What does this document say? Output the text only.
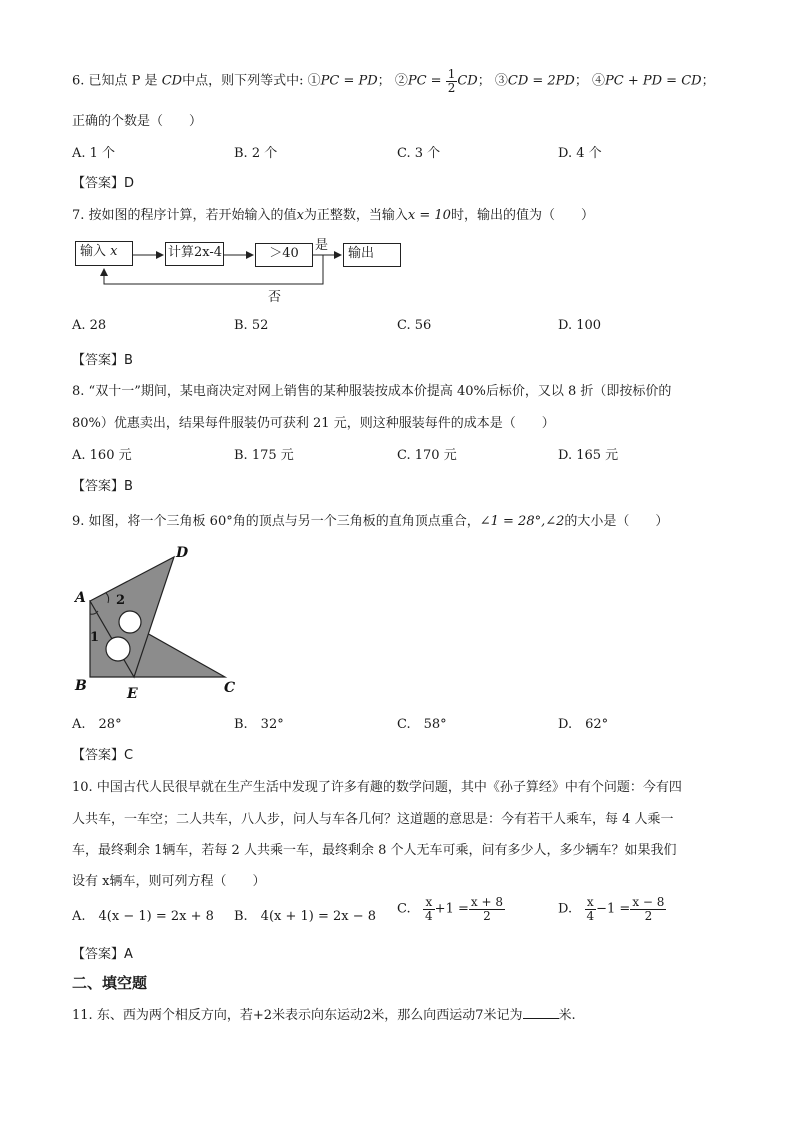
6. 已知点 P 是 CD中点，则下列等式中: ①PC = PD； ②PC = $\frac{1}{2}$ CD； ③CD = 2PD； ④PC + PD = CD；
正确的个数是（　　）
A. 1 个	B. 2 个	C. 3 个	D. 4 个
【答案】D
7. 按如图的程序计算，若开始输入的值x为正整数，当输入x = 10时，输出的值为（　　）
输入 x	计算2x-4	＞40	输出
是
否
A. 28	B. 52	C. 56	D. 100
【答案】B
8. “双十一”期间，某电商决定对网上销售的某种服装按成本价提高 40%后标价，又以 8 折（即按标价的
80%）优惠卖出，结果每件服装仍可获利 21 元，则这种服装每件的成本是（　　）
A. 160 元	B. 175 元	C. 170 元	D. 165 元
【答案】B
9. 如图，将一个三角板 60°角的顶点与另一个三角板的直角顶点重合，∠1 = 28°,∠2的大小是（　　）
A
B	C
D
E
1
2
A.　28°	B.　32°	C.　58°	D.　62°
【答案】C
10. 中国古代人民很早就在生产生活中发现了许多有趣的数学问题，其中《孙子算经》中有个问题：今有四
人共车，一车空；二人共车，八人步，问人与车各几何？这道题的意思是：今有若干人乘车，每 4 人乘一
车，最终剩余 1辆车，若每 2 人共乘一车，最终剩余 8 个人无车可乘，问有多少人，多少辆车？如果我们
设有 x辆车，则可列方程（　　）
A.　4(x − 1) = 2x + 8 B.　4(x + 1) = 2x − 8 C. $\frac{x}{4} +1 = \frac{x + 8}{2}$	D. $\frac{x}{4} -1 = \frac{x - 8}{2}$
【答案】A
二、填空题
11. 东、西为两个相反方向，若+2米表示向东运动2米，那么向西运动7米记为	米.
